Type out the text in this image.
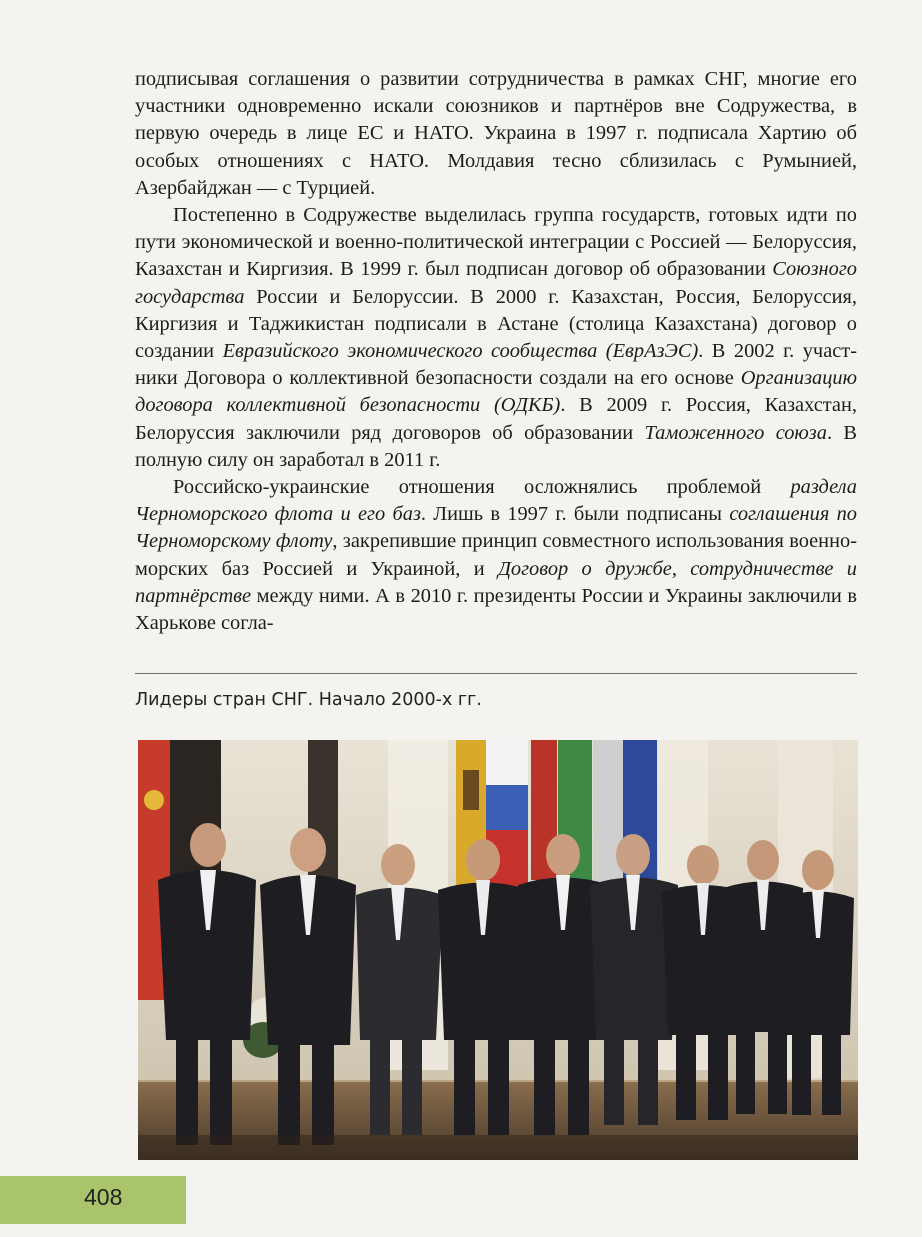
подписывая соглашения о развитии сотрудничества в рамках СНГ, многие его участники одновременно искали союзников и партнёров вне Содружества, в первую очередь в лице ЕС и НАТО. Украина в 1997 г. подписала Хартию об особых отношениях с НАТО. Молдавия тесно сблизилась с Румынией, Азербайджан — с Турцией.

Постепенно в Содружестве выделилась группа государств, готовых идти по пути экономической и военно-политической интеграции с Россией — Белоруссия, Казахстан и Киргизия. В 1999 г. был подписан договор об образовании Союзного государства России и Белоруссии. В 2000 г. Казахстан, Россия, Белоруссия, Киргизия и Таджикистан подписали в Астане (столица Казахстана) договор о создании Евразийского экономического сообщества (ЕврАзЭС). В 2002 г. участники Договора о коллективной безопасности создали на его основе Организацию договора коллективной безопасности (ОДКБ). В 2009 г. Россия, Казахстан, Белоруссия заключили ряд договоров об образовании Таможенного союза. В полную силу он заработал в 2011 г.

Российско-украинские отношения осложнялись проблемой раздела Черноморского флота и его баз. Лишь в 1997 г. были подписаны соглашения по Черноморскому флоту, закрепившие принцип совместного использования военно-морских баз Россией и Украиной, и Договор о дружбе, сотрудничестве и партнёрстве между ними. А в 2010 г. президенты России и Украины заключили в Харькове согла-

Лидеры стран СНГ. Начало 2000-х гг.
408
